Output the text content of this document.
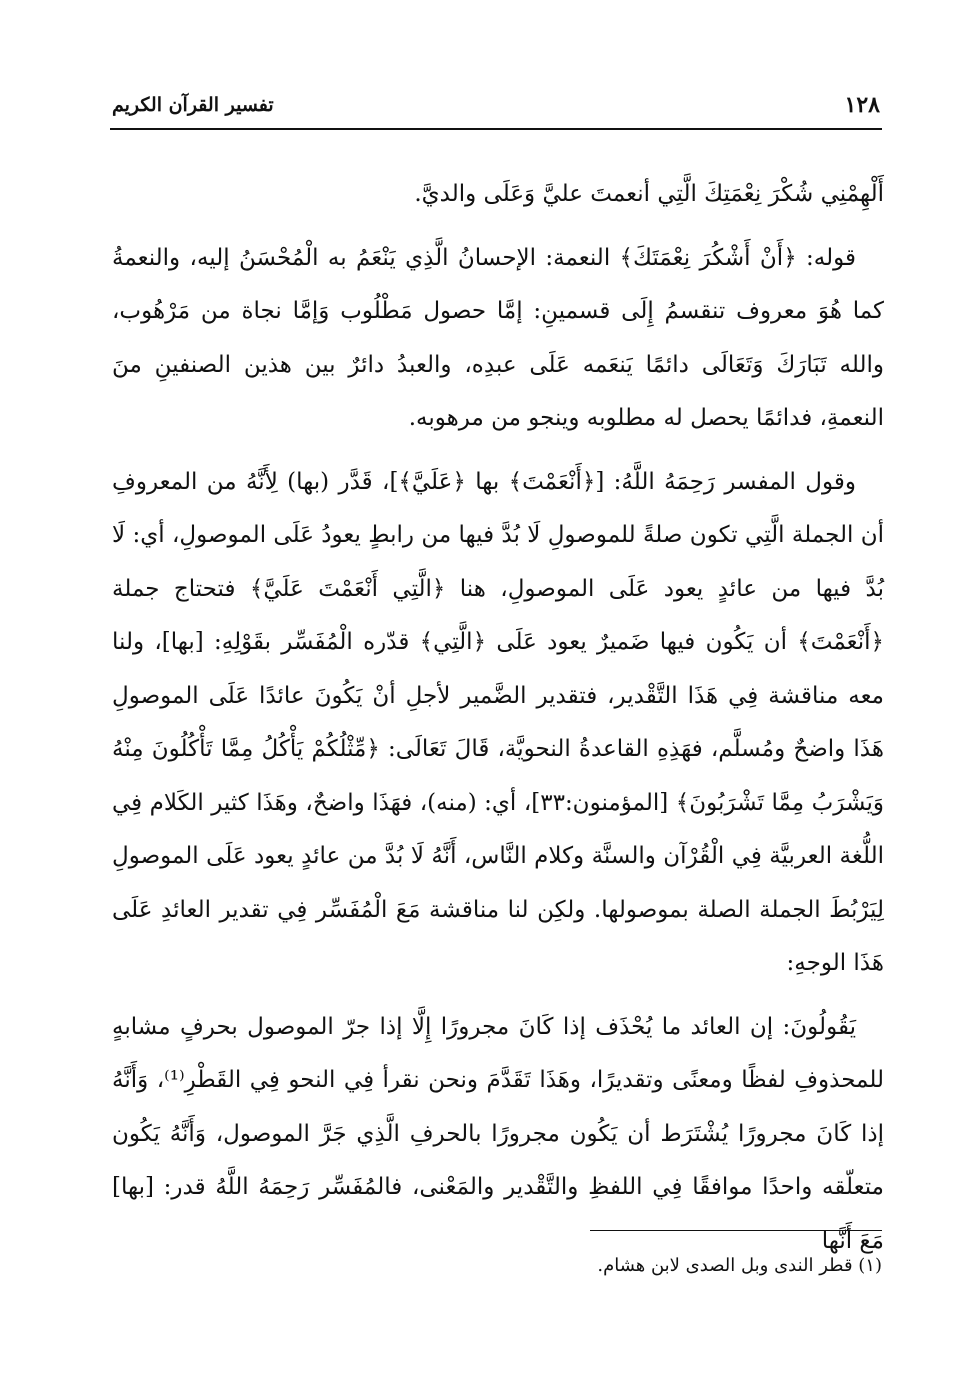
١٢٨
تفسير القرآن الكريم

أَلْهِمْنِي شُكْرَ نِعْمَتِكَ الَّتِي أنعمتَ عليَّ وَعَلَى والديَّ.

قوله: ﴿أَنْ أَشْكُرَ نِعْمَتَكَ﴾ النعمة: الإحسانُ الَّذِي يَنْعَمُ به الْمُحْسَنُ إليه، والنعمةُ كما هُوَ معروف تنقسمُ إِلَى قسمينِ: إمَّا حصول مَطْلُوب وَإمَّا نجاة من مَرْهُوب، والله تَبَارَكَ وَتَعَالَى دائمًا يَنعَمه عَلَى عبدِه، والعبدُ دائرٌ بين هذين الصنفينِ منَ النعمةِ، فدائمًا يحصل له مطلوبه وينجو من مرهوبه.

وقول المفسر رَحِمَهُ اللَّهُ: [﴿أَنْعَمْتَ﴾ بها ﴿عَلَيَّ﴾]، قَدَّر (بها) لِأَنَّهُ من المعروفِ أن الجملة الَّتِي تكون صلةً للموصولِ لَا بُدَّ فيها من رابطٍ يعودُ عَلَى الموصولِ، أي: لَا بُدَّ فيها من عائدٍ يعود عَلَى الموصولِ، هنا ﴿الَّتِي أَنْعَمْتَ عَلَيَّ﴾ فتحتاج جملة ﴿أَنْعَمْتَ﴾ أن يَكُون فيها ضَميرٌ يعود عَلَى ﴿الَّتِي﴾ قدّره الْمُفَسِّر بقَوْلِهِ: [بها]، ولنا معه مناقشة فِي هَذَا التَّقْدير، فتقدير الضَّمير لأجلِ أنْ يَكُونَ عائدًا عَلَى الموصولِ هَذَا واضحٌ ومُسلَّم، فهَذِهِ القاعدةُ النحويَّة، قَالَ تَعَالَى: ﴿مِّثْلُكُمْ يَأْكُلُ مِمَّا تَأْكُلُونَ مِنْهُ وَيَشْرَبُ مِمَّا تَشْرَبُونَ﴾ [المؤمنون:٣٣]، أي: (منه)، فهَذَا واضحٌ، وهَذَا كثير الكَلام فِي اللُّغة العربيَّة فِي الْقُرْآن والسنَّة وكلام النَّاس، أَنَّهُ لَا بُدَّ من عائدٍ يعود عَلَى الموصولِ لِيَرْبُطَ الجملة الصلة بموصولها. ولكِن لنا مناقشة مَعَ الْمُفَسِّر فِي تقدير العائدِ عَلَى هَذَا الوجهِ:

يَقُولُونَ: إن العائد ما يُحْذَف إذا كَانَ مجرورًا إِلَّا إذا جرّ الموصول بحرفٍ مشابهٍ للمحذوفِ لفظًا ومعنًى وتقديرًا، وهَذَا تَقَدَّمَ ونحن نقرأ فِي النحو فِي القَطْرِ⁽¹⁾، وَأَنَّهُ إذا كَانَ مجرورًا يُشْتَرَط أن يَكُون مجرورًا بالحرفِ الَّذِي جَرَّ الموصول، وَأَنَّهُ يَكُون متعلّقه واحدًا موافقًا فِي اللفظِ والتَّقْدير والمَعْنى، فالمُفَسِّر رَحِمَهُ اللَّهُ قدر: [بها] مَعَ أَنَّها

(١) قطر الندى وبل الصدى لابن هشام.
